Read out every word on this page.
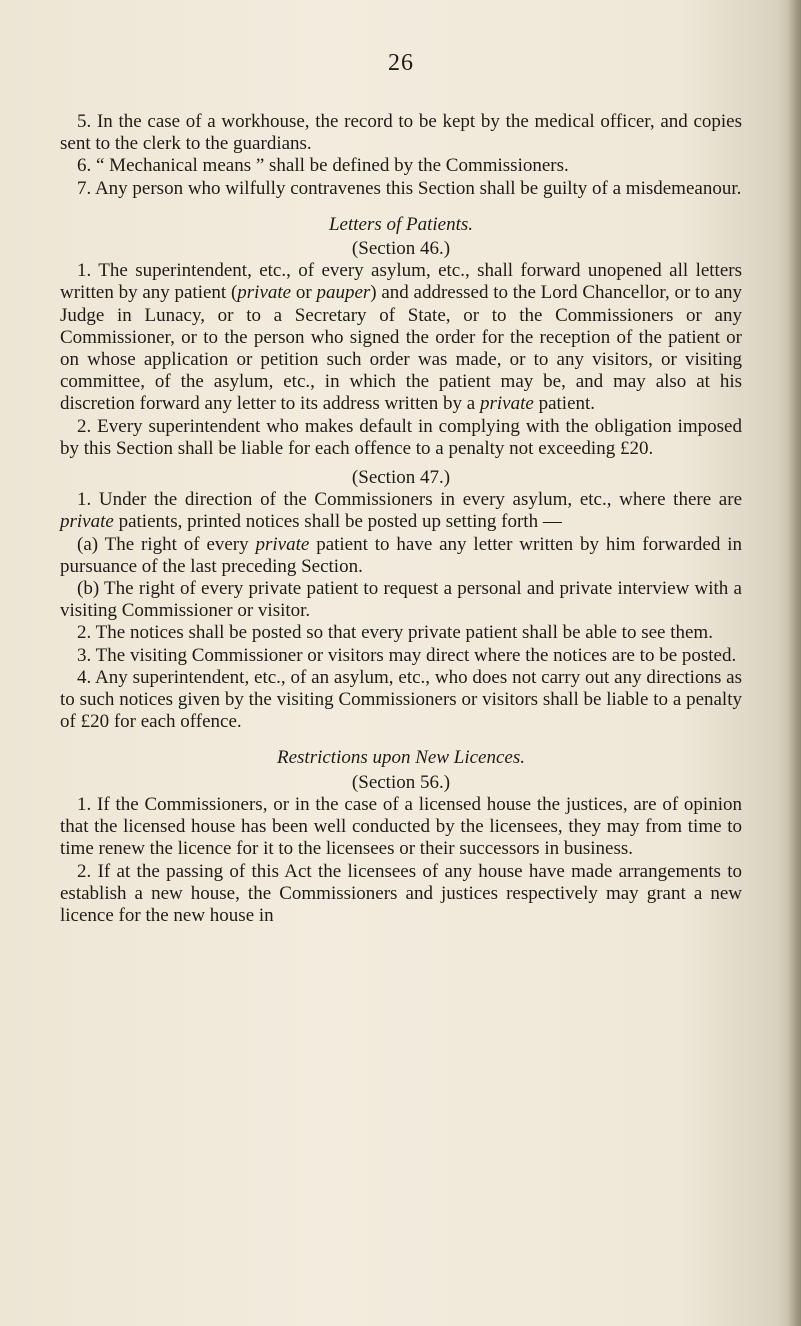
26

5. In the case of a workhouse, the record to be kept by the medical officer, and copies sent to the clerk to the guardians.

6. “ Mechanical means ” shall be defined by the Commissioners.

7. Any person who wilfully contravenes this Section shall be guilty of a misdemeanour.

Letters of Patients.

(Section 46.)

1. The superintendent, etc., of every asylum, etc., shall forward unopened all letters written by any patient (private or pauper) and addressed to the Lord Chancellor, or to any Judge in Lunacy, or to a Secretary of State, or to the Commissioners or any Commissioner, or to the person who signed the order for the reception of the patient or on whose application or petition such order was made, or to any visitors, or visiting committee, of the asylum, etc., in which the patient may be, and may also at his discretion forward any letter to its address written by a private patient.

2. Every superintendent who makes default in complying with the obligation imposed by this Section shall be liable for each offence to a penalty not exceeding £20.

(Section 47.)

1. Under the direction of the Commissioners in every asylum, etc., where there are private patients, printed notices shall be posted up setting forth —

(a) The right of every private patient to have any letter written by him forwarded in pursuance of the last preceding Section.

(b) The right of every private patient to request a personal and private interview with a visiting Commissioner or visitor.

2. The notices shall be posted so that every private patient shall be able to see them.

3. The visiting Commissioner or visitors may direct where the notices are to be posted.

4. Any superintendent, etc., of an asylum, etc., who does not carry out any directions as to such notices given by the visiting Commissioners or visitors shall be liable to a penalty of £20 for each offence.

Restrictions upon New Licences.

(Section 56.)

1. If the Commissioners, or in the case of a licensed house the justices, are of opinion that the licensed house has been well conducted by the licensees, they may from time to time renew the licence for it to the licensees or their successors in business.

2. If at the passing of this Act the licensees of any house have made arrangements to establish a new house, the Commissioners and justices respectively may grant a new licence for the new house in
